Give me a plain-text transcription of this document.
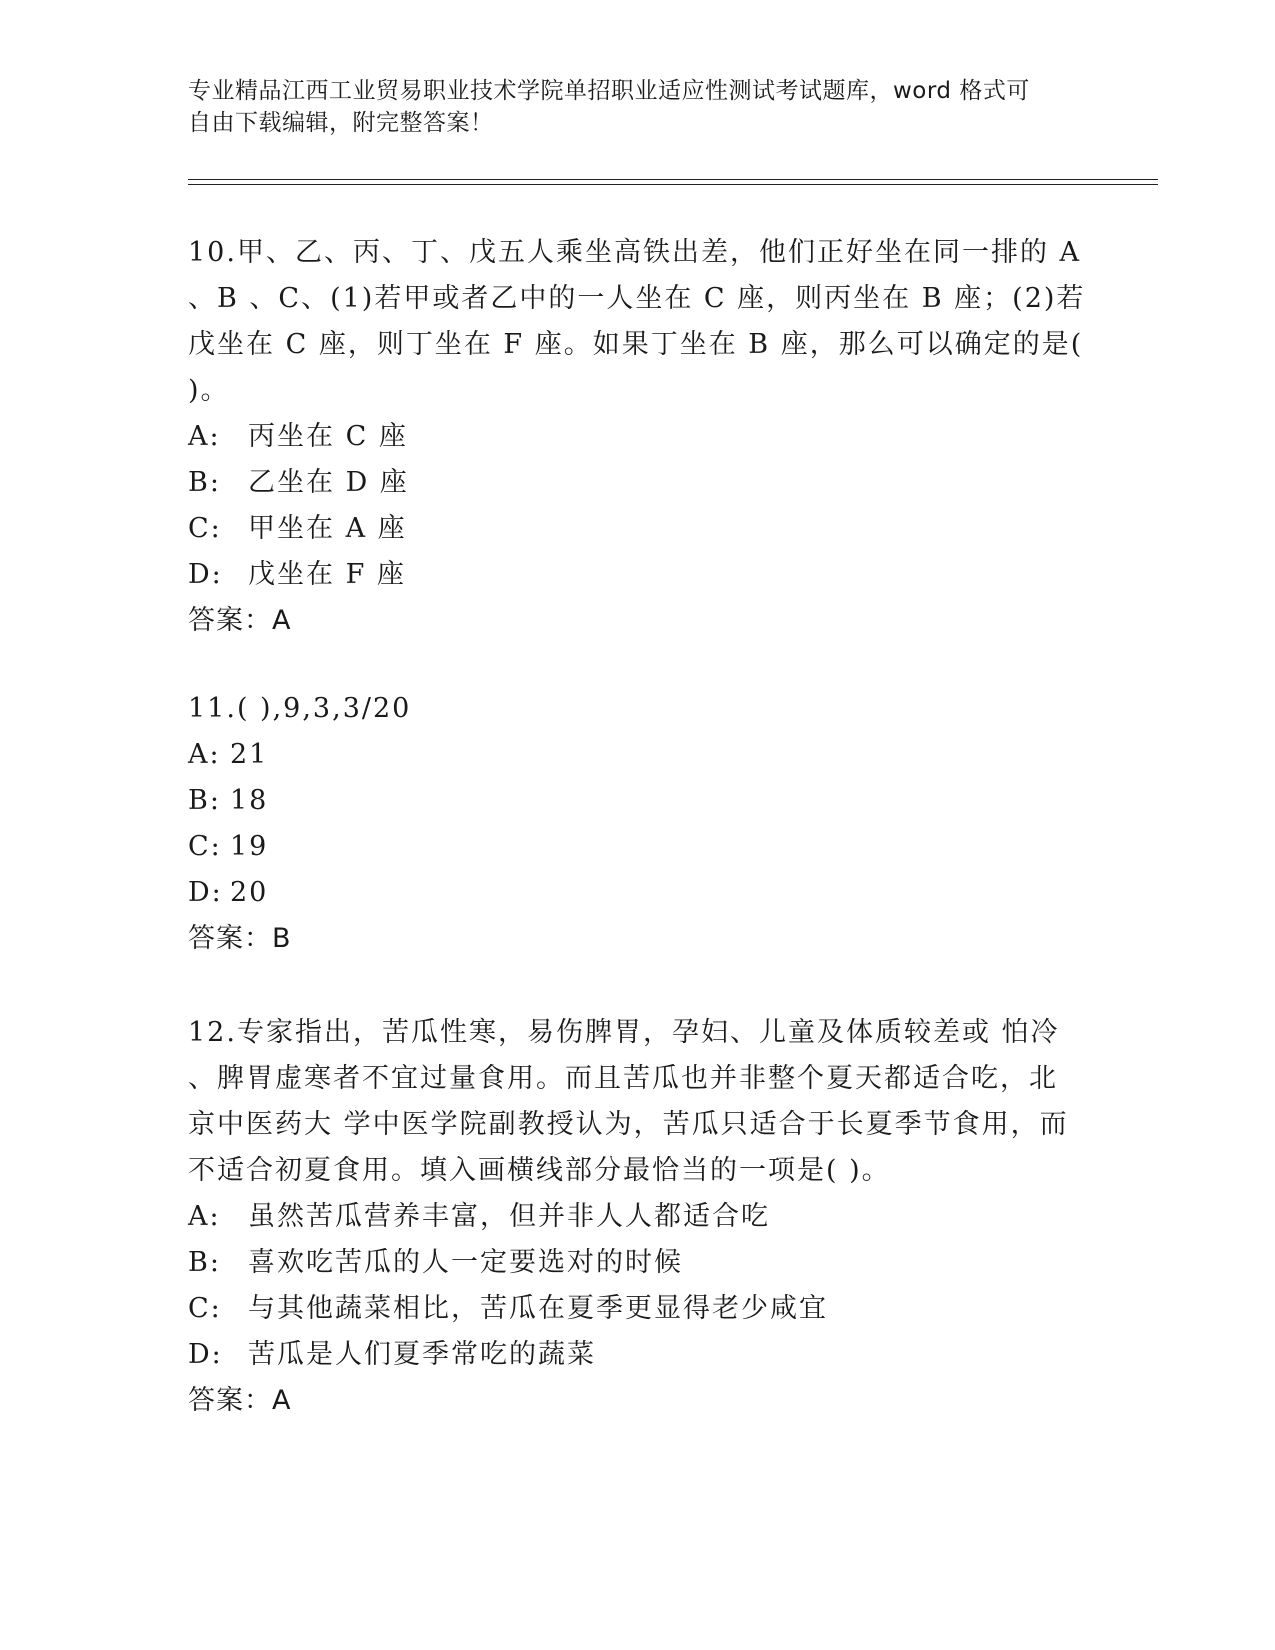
专业精品江西工业贸易职业技术学院单招职业适应性测试考试题库，word 格式可
自由下载编辑，附完整答案！
10.甲、乙、丙、丁、戊五人乘坐高铁出差，他们正好坐在同一排的 A
、B 、C、(1)若甲或者乙中的一人坐在 C 座，则丙坐在 B 座；(2)若
戊坐在 C 座，则丁坐在 F 座。如果丁坐在 B 座，那么可以确定的是(
)。
A: 丙坐在 C 座
B: 乙坐在 D 座
C: 甲坐在 A 座
D: 戊坐在 F 座
答案：A
11.( ),9,3,3/20
A: 21
B: 18
C: 19
D: 20
答案：B
12.专家指出，苦瓜性寒，易伤脾胃，孕妇、儿童及体质较差或 怕冷
、脾胃虚寒者不宜过量食用。而且苦瓜也并非整个夏天都适合吃，北
京中医药大 学中医学院副教授认为，苦瓜只适合于长夏季节食用，而
不适合初夏食用。填入画横线部分最恰当的一项是( )。
A: 虽然苦瓜营养丰富，但并非人人都适合吃
B: 喜欢吃苦瓜的人一定要选对的时候
C: 与其他蔬菜相比，苦瓜在夏季更显得老少咸宜
D: 苦瓜是人们夏季常吃的蔬菜
答案：A
